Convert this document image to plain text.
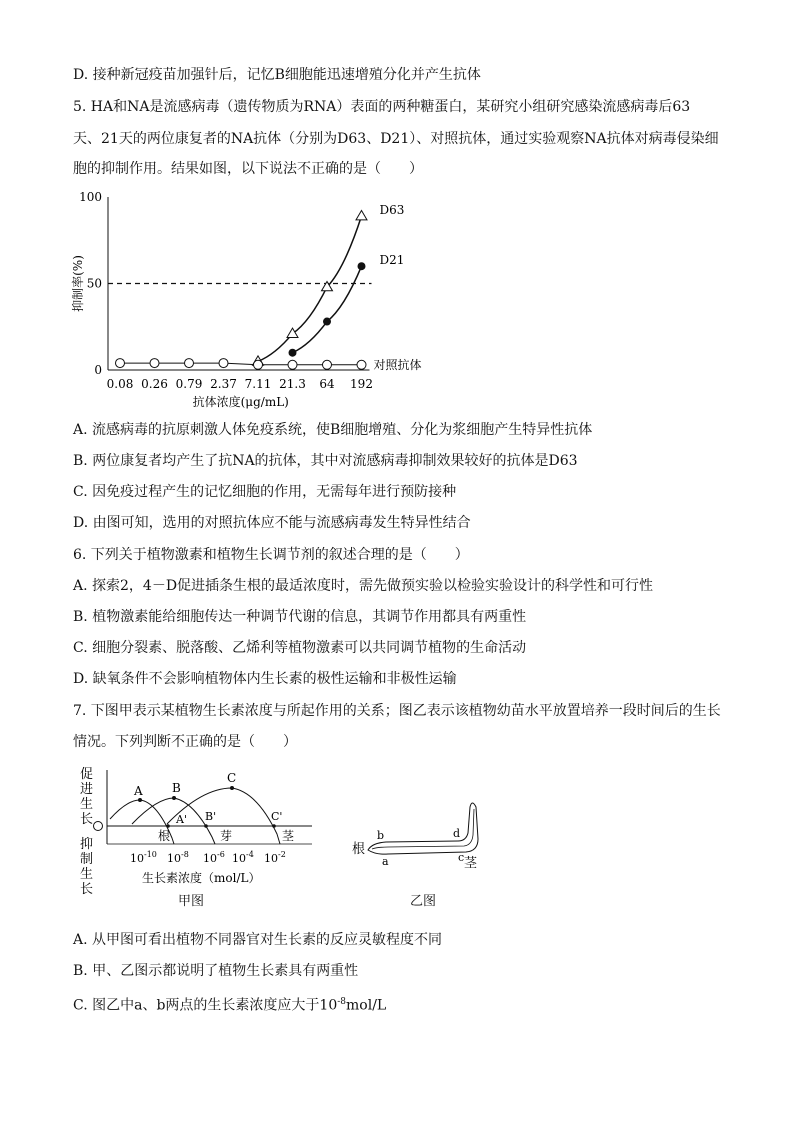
D. 接种新冠疫苗加强针后，记忆B细胞能迅速增殖分化并产生抗体
5. HA和NA是流感病毒（遗传物质为RNA）表面的两种糖蛋白，某研究小组研究感染流感病毒后63
天、21天的两位康复者的NA抗体（分别为D63、D21）、对照抗体，通过实验观察NA抗体对病毒侵染细
胞的抑制作用。结果如图，以下说法不正确的是（　　）
0
50
100
抑制率(%)
0.08 0.26 0.79 2.37 7.11 21.3 64 192
抗体浓度(μg/mL)
D63
D21
对照抗体
A. 流感病毒的抗原刺激人体免疫系统，使B细胞增殖、分化为浆细胞产生特异性抗体
B. 两位康复者均产生了抗NA的抗体，其中对流感病毒抑制效果较好的抗体是D63
C. 因免疫过程产生的记忆细胞的作用，无需每年进行预防接种
D. 由图可知，选用的对照抗体应不能与流感病毒发生特异性结合
6. 下列关于植物激素和植物生长调节剂的叙述合理的是（　　）
A. 探索2，4－D促进插条生根的最适浓度时，需先做预实验以检验实验设计的科学性和可行性
B. 植物激素能给细胞传达一种调节代谢的信息，其调节作用都具有两重性
C. 细胞分裂素、脱落酸、乙烯利等植物激素可以共同调节植物的生命活动
D. 缺氧条件不会影响植物体内生长素的极性运输和非极性运输
7. 下图甲表示某植物生长素浓度与所起作用的关系；图乙表示该植物幼苗水平放置培养一段时间后的生长
情况。下列判断不正确的是（　　）
促
进
生
长
抑
制
生
长
A B
C
A' B'	C'
根	芽	茎
$10^{-10}$ $10^{-8}$ $10^{-6}$ $10^{-4}$ $10^{-2}$
生长素浓度（mol/L）
甲图
根
b
a
d
c 茎
乙图
A. 从甲图可看出植物不同器官对生长素的反应灵敏程度不同
B. 甲、乙图示都说明了植物生长素具有两重性
C. 图乙中a、b两点的生长素浓度应大于$10^{-8}mol/L$
